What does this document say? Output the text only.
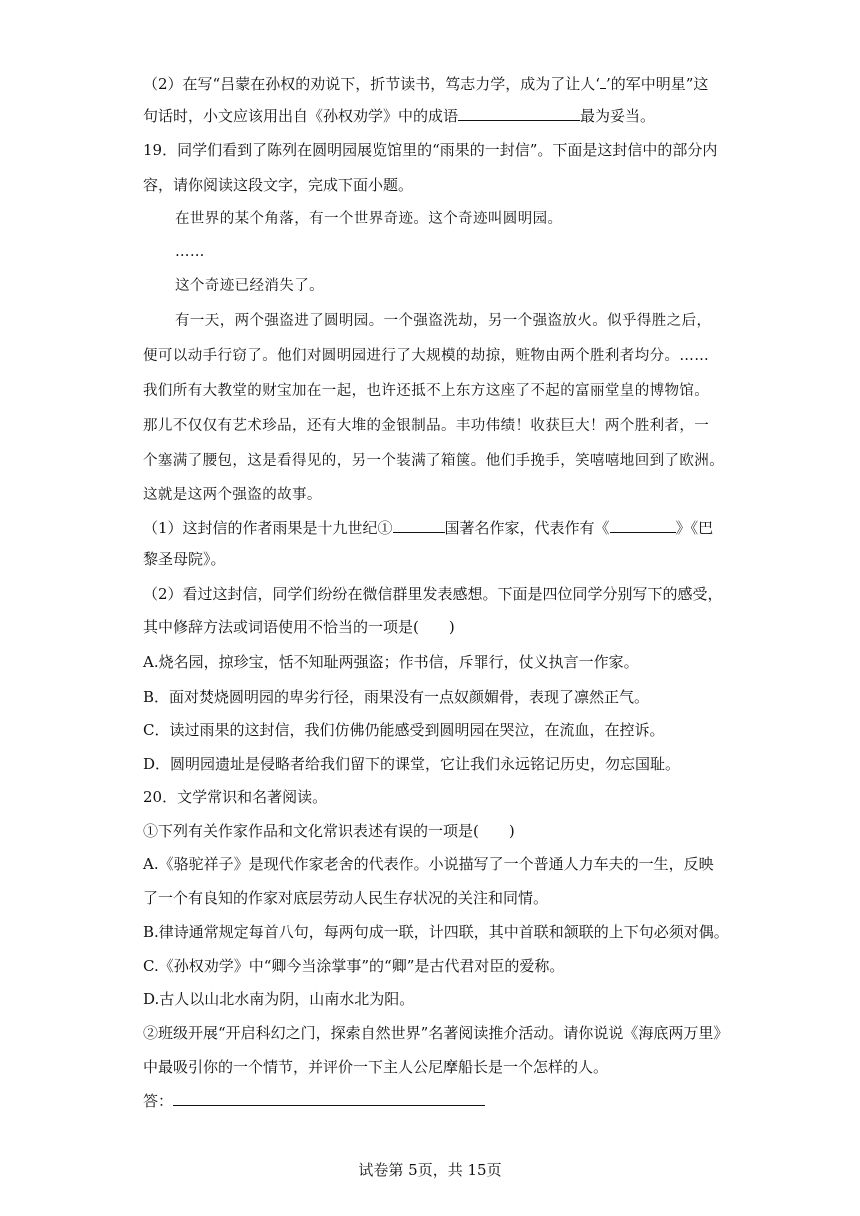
（2）在写“吕蒙在孙权的劝说下，折节读书，笃志力学，成为了让人‘ ’的军中明星”这
句话时，小文应该用出自《孙权劝学》中的成语	最为妥当。
19．同学们看到了陈列在圆明园展览馆里的“雨果的一封信”。下面是这封信中的部分内
容，请你阅读这段文字，完成下面小题。
在世界的某个角落，有一个世界奇迹。这个奇迹叫圆明园。
……
这个奇迹已经消失了。
有一天，两个强盗进了圆明园。一个强盗洗劫，另一个强盗放火。似乎得胜之后，
便可以动手行窃了。他们对圆明园进行了大规模的劫掠，赃物由两个胜利者均分。……
我们所有大教堂的财宝加在一起，也许还抵不上东方这座了不起的富丽堂皇的博物馆。
那儿不仅仅有艺术珍品，还有大堆的金银制品。丰功伟绩！收获巨大！两个胜利者，一
个塞满了腰包，这是看得见的，另一个装满了箱箧。他们手挽手，笑嘻嘻地回到了欧洲。
这就是这两个强盗的故事。
（1）这封信的作者雨果是十九世纪①	国著名作家，代表作有《	》《巴
黎圣母院》。
（2）看过这封信，同学们纷纷在微信群里发表感想。下面是四位同学分别写下的感受，
其中修辞方法或词语使用不恰当的一项是(　　)
A.烧名园，掠珍宝，恬不知耻两强盗；作书信，斥罪行，仗义执言一作家。
B．面对焚烧圆明园的卑劣行径，雨果没有一点奴颜媚骨，表现了凛然正气。
C．读过雨果的这封信，我们仿佛仍能感受到圆明园在哭泣，在流血，在控诉。
D．圆明园遗址是侵略者给我们留下的课堂，它让我们永远铭记历史，勿忘国耻。
20．文学常识和名著阅读。
①下列有关作家作品和文化常识表述有误的一项是(　　)
A.《骆驼祥子》是现代作家老舍的代表作。小说描写了一个普通人力车夫的一生，反映
了一个有良知的作家对底层劳动人民生存状况的关注和同情。
B.律诗通常规定每首八句，每两句成一联，计四联，其中首联和颔联的上下句必须对偶。
C.《孙权劝学》中“卿今当涂掌事”的“卿”是古代君对臣的爱称。
D.古人以山北水南为阴，山南水北为阳。
②班级开展“开启科幻之门，探索自然世界”名著阅读推介活动。请你说说《海底两万里》
中最吸引你的一个情节，并评价一下主人公尼摩船长是一个怎样的人。
答：
试卷第 5页，共 15页
